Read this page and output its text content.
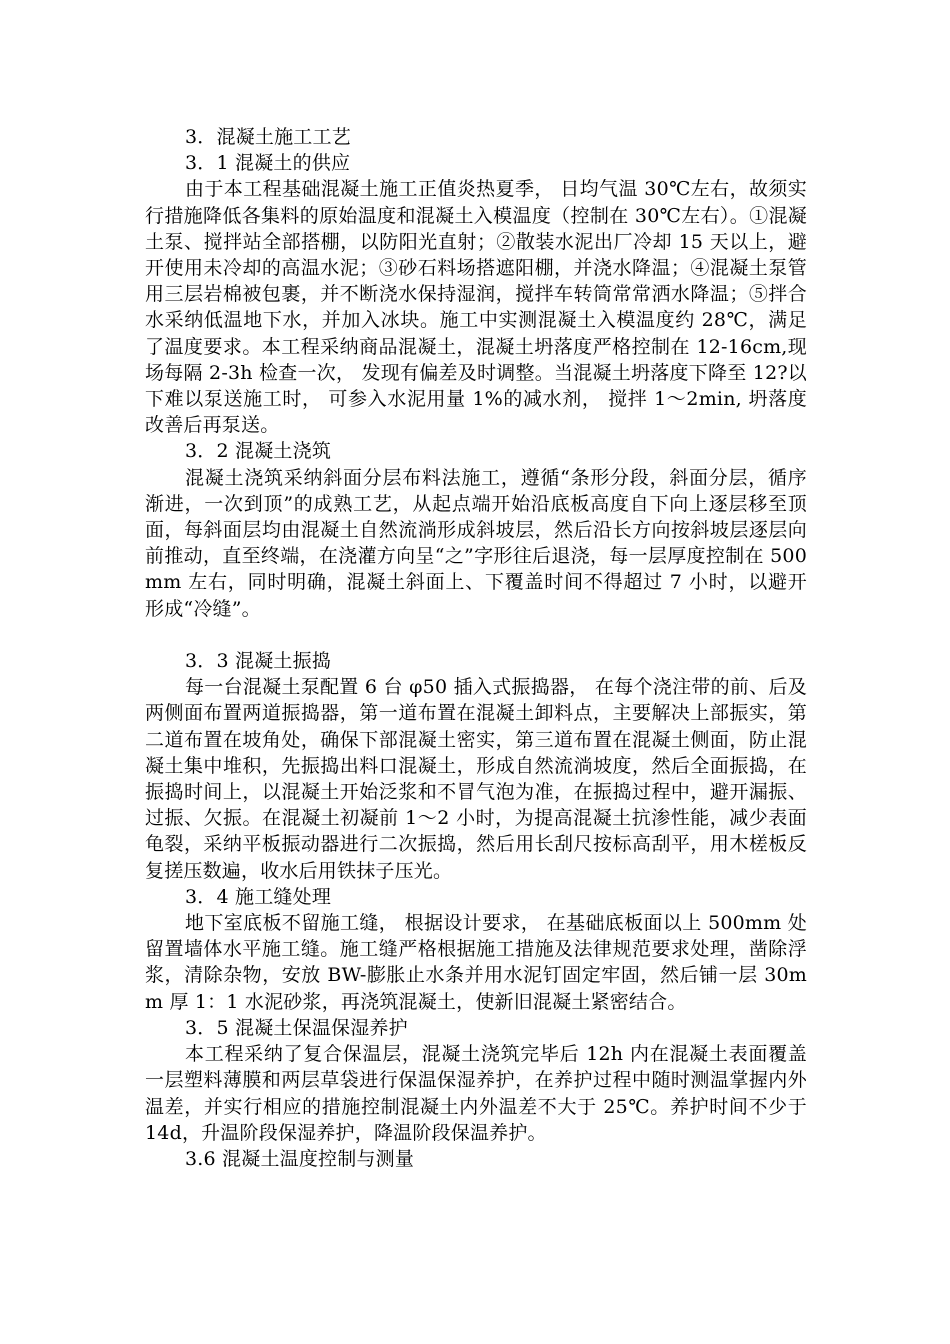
3．混凝土施工工艺

3．1 混凝土的供应

由于本工程基础混凝土施工正值炎热夏季， 日均气温 30℃左右，故须实行措施降低各集料的原始温度和混凝土入模温度（控制在 30℃左右）。①混凝土泵、搅拌站全部搭棚，以防阳光直射；②散装水泥出厂冷却 15 天以上，避开使用未冷却的高温水泥；③砂石料场搭遮阳棚，并浇水降温；④混凝土泵管用三层岩棉被包裹，并不断浇水保持湿润，搅拌车转筒常常洒水降温；⑤拌合水采纳低温地下水，并加入冰块。施工中实测混凝土入模温度约 28℃，满足了温度要求。本工程采纳商品混凝土，混凝土坍落度严格控制在 12-16cm,现场每隔 2-3h 检查一次， 发现有偏差及时调整。当混凝土坍落度下降至 12?以下难以泵送施工时， 可参入水泥用量 1%的减水剂， 搅拌 1～2min, 坍落度改善后再泵送。

3．2 混凝土浇筑

混凝土浇筑采纳斜面分层布料法施工，遵循“条形分段，斜面分层，循序渐进，一次到顶”的成熟工艺，从起点端开始沿底板高度自下向上逐层移至顶面，每斜面层均由混凝土自然流淌形成斜坡层，然后沿长方向按斜坡层逐层向前推动，直至终端，在浇灌方向呈“之”字形往后退浇，每一层厚度控制在 500mm 左右，同时明确，混凝土斜面上、下覆盖时间不得超过 7 小时，以避开形成“冷缝”。

3．3 混凝土振捣

每一台混凝土泵配置 6 台 φ50 插入式振捣器， 在每个浇注带的前、后及两侧面布置两道振捣器，第一道布置在混凝土卸料点，主要解决上部振实，第二道布置在坡角处，确保下部混凝土密实，第三道布置在混凝土侧面，防止混凝土集中堆积，先振捣出料口混凝土，形成自然流淌坡度，然后全面振捣，在振捣时间上，以混凝土开始泛浆和不冒气泡为准，在振捣过程中，避开漏振、过振、欠振。在混凝土初凝前 1～2 小时，为提高混凝土抗渗性能，减少表面龟裂，采纳平板振动器进行二次振捣，然后用长刮尺按标高刮平，用木槎板反复搓压数遍，收水后用铁抹子压光。

3．4 施工缝处理

地下室底板不留施工缝， 根据设计要求， 在基础底板面以上 500mm 处留置墙体水平施工缝。施工缝严格根据施工措施及法律规范要求处理，凿除浮浆，清除杂物，安放 BW-膨胀止水条并用水泥钉固定牢固，然后铺一层 30mm 厚 1：1 水泥砂浆，再浇筑混凝土，使新旧混凝土紧密结合。

3．5 混凝土保温保湿养护

本工程采纳了复合保温层，混凝土浇筑完毕后 12h 内在混凝土表面覆盖一层塑料薄膜和两层草袋进行保温保湿养护，在养护过程中随时测温掌握内外温差，并实行相应的措施控制混凝土内外温差不大于 25℃。养护时间不少于 14d，升温阶段保湿养护，降温阶段保温养护。

3.6 混凝土温度控制与测量
